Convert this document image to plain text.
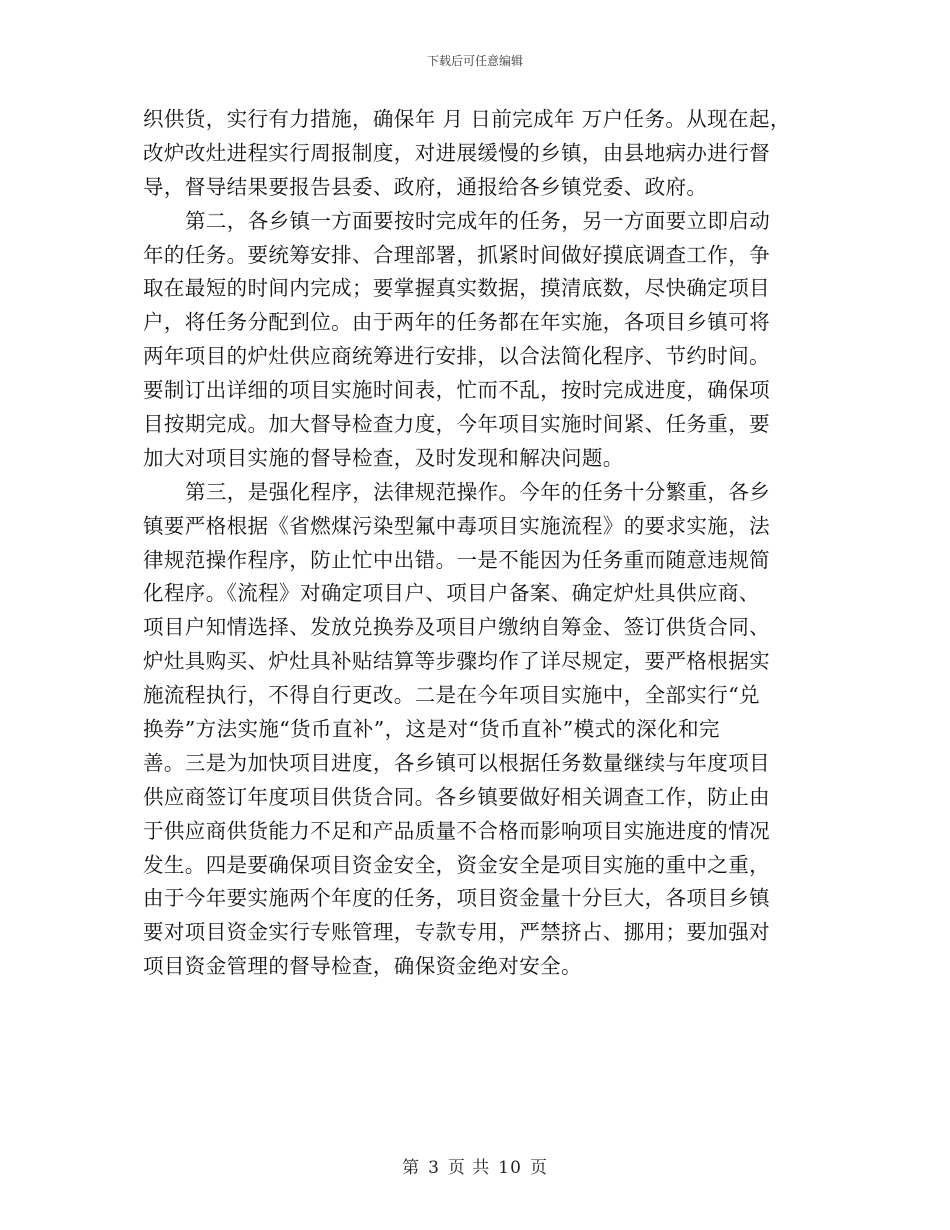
下载后可任意编辑
织供货，实行有力措施，确保年 月 日前完成年 万户任务。从现在起，
改炉改灶进程实行周报制度，对进展缓慢的乡镇，由县地病办进行督
导，督导结果要报告县委、政府，通报给各乡镇党委、政府。
第二，各乡镇一方面要按时完成年的任务，另一方面要立即启动
年的任务。要统筹安排、合理部署，抓紧时间做好摸底调查工作，争
取在最短的时间内完成；要掌握真实数据，摸清底数，尽快确定项目
户，将任务分配到位。由于两年的任务都在年实施，各项目乡镇可将
两年项目的炉灶供应商统筹进行安排，以合法简化程序、节约时间。
要制订出详细的项目实施时间表，忙而不乱，按时完成进度，确保项
目按期完成。加大督导检查力度，今年项目实施时间紧、任务重，要
加大对项目实施的督导检查，及时发现和解决问题。
第三，是强化程序，法律规范操作。今年的任务十分繁重，各乡
镇要严格根据《省燃煤污染型氟中毒项目实施流程》的要求实施，法
律规范操作程序，防止忙中出错。一是不能因为任务重而随意违规简
化程序。《流程》对确定项目户、项目户备案、确定炉灶具供应商、
项目户知情选择、发放兑换券及项目户缴纳自筹金、签订供货合同、
炉灶具购买、炉灶具补贴结算等步骤均作了详尽规定，要严格根据实
施流程执行，不得自行更改。二是在今年项目实施中，全部实行“兑
换券”方法实施“货币直补”，这是对“货币直补”模式的深化和完
善。三是为加快项目进度，各乡镇可以根据任务数量继续与年度项目
供应商签订年度项目供货合同。各乡镇要做好相关调查工作，防止由
于供应商供货能力不足和产品质量不合格而影响项目实施进度的情况
发生。四是要确保项目资金安全，资金安全是项目实施的重中之重，
由于今年要实施两个年度的任务，项目资金量十分巨大，各项目乡镇
要对项目资金实行专账管理，专款专用，严禁挤占、挪用；要加强对
项目资金管理的督导检查，确保资金绝对安全。
第 3 页 共 10 页
